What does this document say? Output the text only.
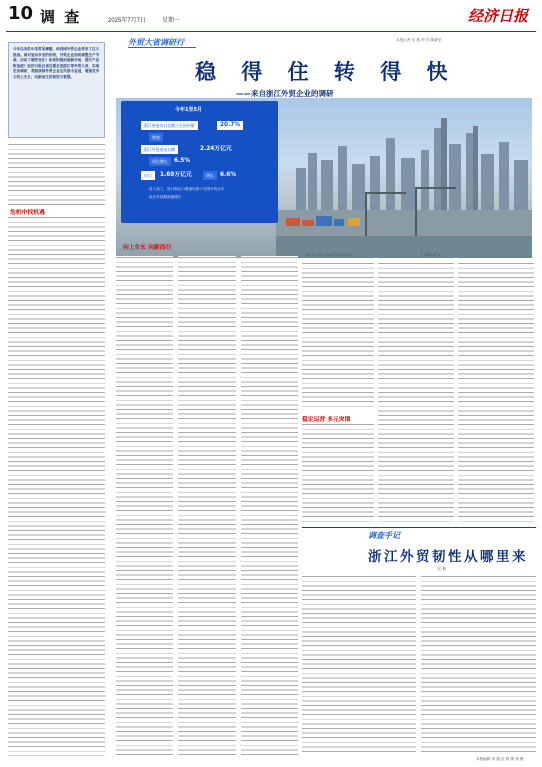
10 调 查	2025年7月7日	星期一	经济日报
今年以来的中美贸易摩擦，给我国外贸企业带来了巨大挑战。面对复杂多变的形势，外贸企业如何调整生产节奏，启动了哪些变化？如何积极拓展新市场，提升产品附加值？经济日报记者近期走进浙江等外贸大省，实地走访调研，观察我国外贸企业在风浪中奋进，增强竞争力的上生长，向新而生的韧性与智慧。
危机中找机遇
外贸大省调研行	本报记者 吴 燕 李 芃 陈晓莹
稳 得 住 转 得 快
——来自浙江外贸企业的调研
今年1至5月
浙江省进出口总额占全国份额	20.7%
增速
浙江外贸进出口额	2.24万亿元
同比增长	6.5%
出口	1.69万亿元	增长	6.6%
进入前三，进口和出口增速均高于全国平均水平
较去年同期高速增长
↑ 浙江多个港口 吞吐忙碌 新华社发	↑ 运输线路 图
向上生长 向新而行
稳定运营 多元突围
调查手记
浙江外贸韧性从哪里来
吴 燕
本版编辑 刘 德 佳 制 图 焦 俊
